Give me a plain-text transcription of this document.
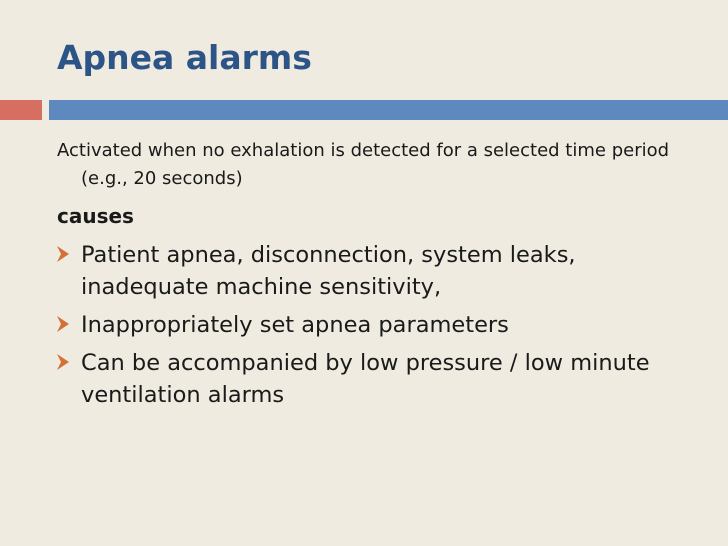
Apnea alarms

Activated when no exhalation is detected for a selected time period (e.g., 20 seconds)

causes

Patient apnea, disconnection, system leaks, inadequate machine sensitivity,
Inappropriately set apnea parameters
Can be accompanied by low pressure / low minute ventilation alarms
